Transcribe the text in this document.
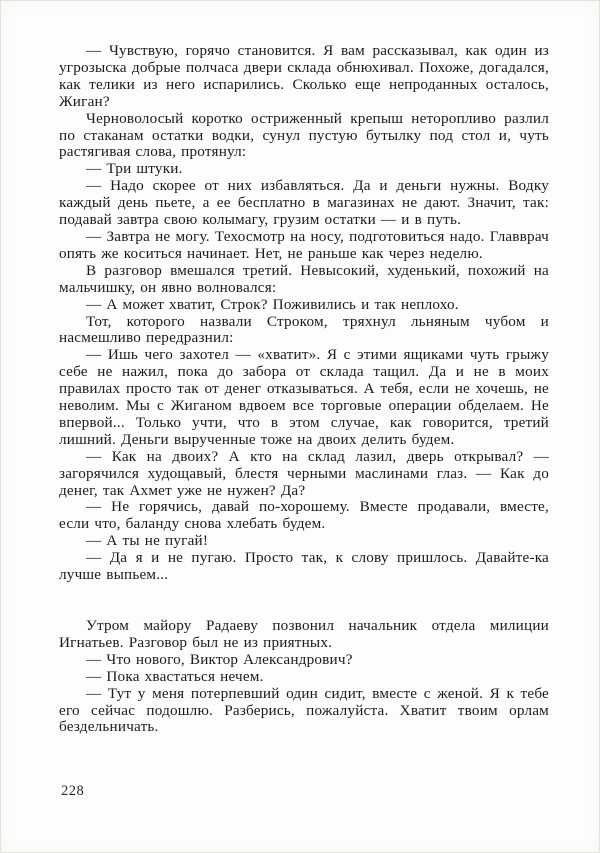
— Чувствую, горячо становится. Я вам рассказывал, как один из угрозыска добрые полчаса двери склада обнюхивал. Похоже, догадался, как телики из него испарились. Сколько еще непроданных осталось, Жиган?

Черноволосый коротко остриженный крепыш неторопливо разлил по стаканам остатки водки, сунул пустую бутылку под стол и, чуть растягивая слова, протянул:

— Три штуки.

— Надо скорее от них избавляться. Да и деньги нужны. Водку каждый день пьете, а ее бесплатно в магазинах не дают. Значит, так: подавай завтра свою колымагу, грузим остатки — и в путь.

— Завтра не могу. Техосмотр на носу, подготовиться надо. Главврач опять же коситься начинает. Нет, не раньше как через неделю.

В разговор вмешался третий. Невысокий, худенький, похожий на мальчишку, он явно волновался:

— А может хватит, Строк? Поживились и так неплохо.

Тот, которого назвали Строком, тряхнул льняным чубом и насмешливо передразнил:

— Ишь чего захотел — «хватит». Я с этими ящиками чуть грыжу себе не нажил, пока до забора от склада тащил. Да и не в моих правилах просто так от денег отказываться. А тебя, если не хочешь, не неволим. Мы с Жиганом вдвоем все торговые операции обделаем. Не впервой... Только учти, что в этом случае, как говорится, третий лишний. Деньги вырученные тоже на двоих делить будем.

— Как на двоих? А кто на склад лазил, дверь открывал? — загорячился худощавый, блестя черными маслинами глаз. — Как до денег, так Ахмет уже не нужен? Да?

— Не горячись, давай по-хорошему. Вместе продавали, вместе, если что, баланду снова хлебать будем.

— А ты не пугай!

— Да я и не пугаю. Просто так, к слову пришлось. Давайте-ка лучше выпьем...

Утром майору Радаеву позвонил начальник отдела милиции Игнатьев. Разговор был не из приятных.

— Что нового, Виктор Александрович?

— Пока хвастаться нечем.

— Тут у меня потерпевший один сидит, вместе с женой. Я к тебе его сейчас подошлю. Разберись, пожалуйста. Хватит твоим орлам бездельничать.

228
